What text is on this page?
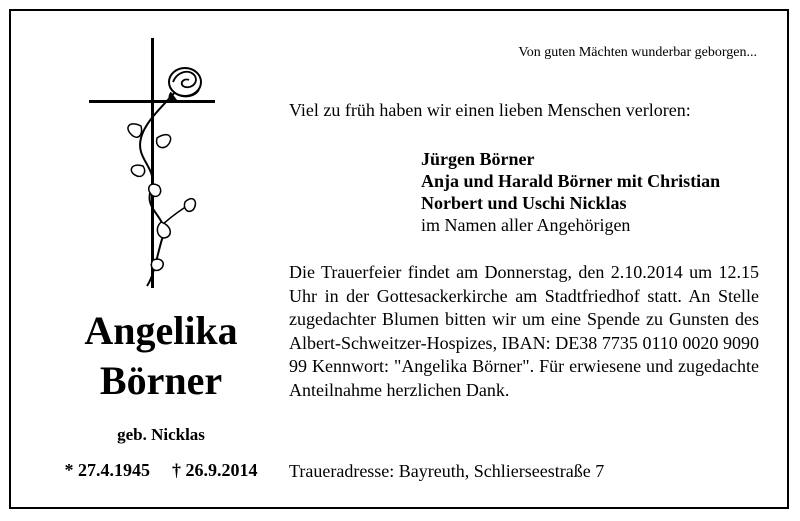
Von guten Mächten wunderbar geborgen...
Angelika
Börner
geb. Nicklas
* 27.4.1945 † 26.9.2014
Viel zu früh haben wir einen lieben Menschen verloren:
Jürgen Börner
Anja und Harald Börner mit Christian
Norbert und Uschi Nicklas
im Namen aller Angehörigen
Die Trauerfeier findet am Donnerstag, den 2.10.2014 um 12.15 Uhr in der Gottesackerkirche am Stadtfriedhof statt. An Stelle zugedachter Blumen bitten wir um eine Spende zu Gunsten des Albert-Schweitzer-Hospizes, IBAN: DE38 7735 0110 0020 9090 99 Kennwort: "Angelika Börner". Für erwiesene und zugedachte Anteilnahme herzlichen Dank.
Traueradresse: Bayreuth, Schlierseestraße 7
